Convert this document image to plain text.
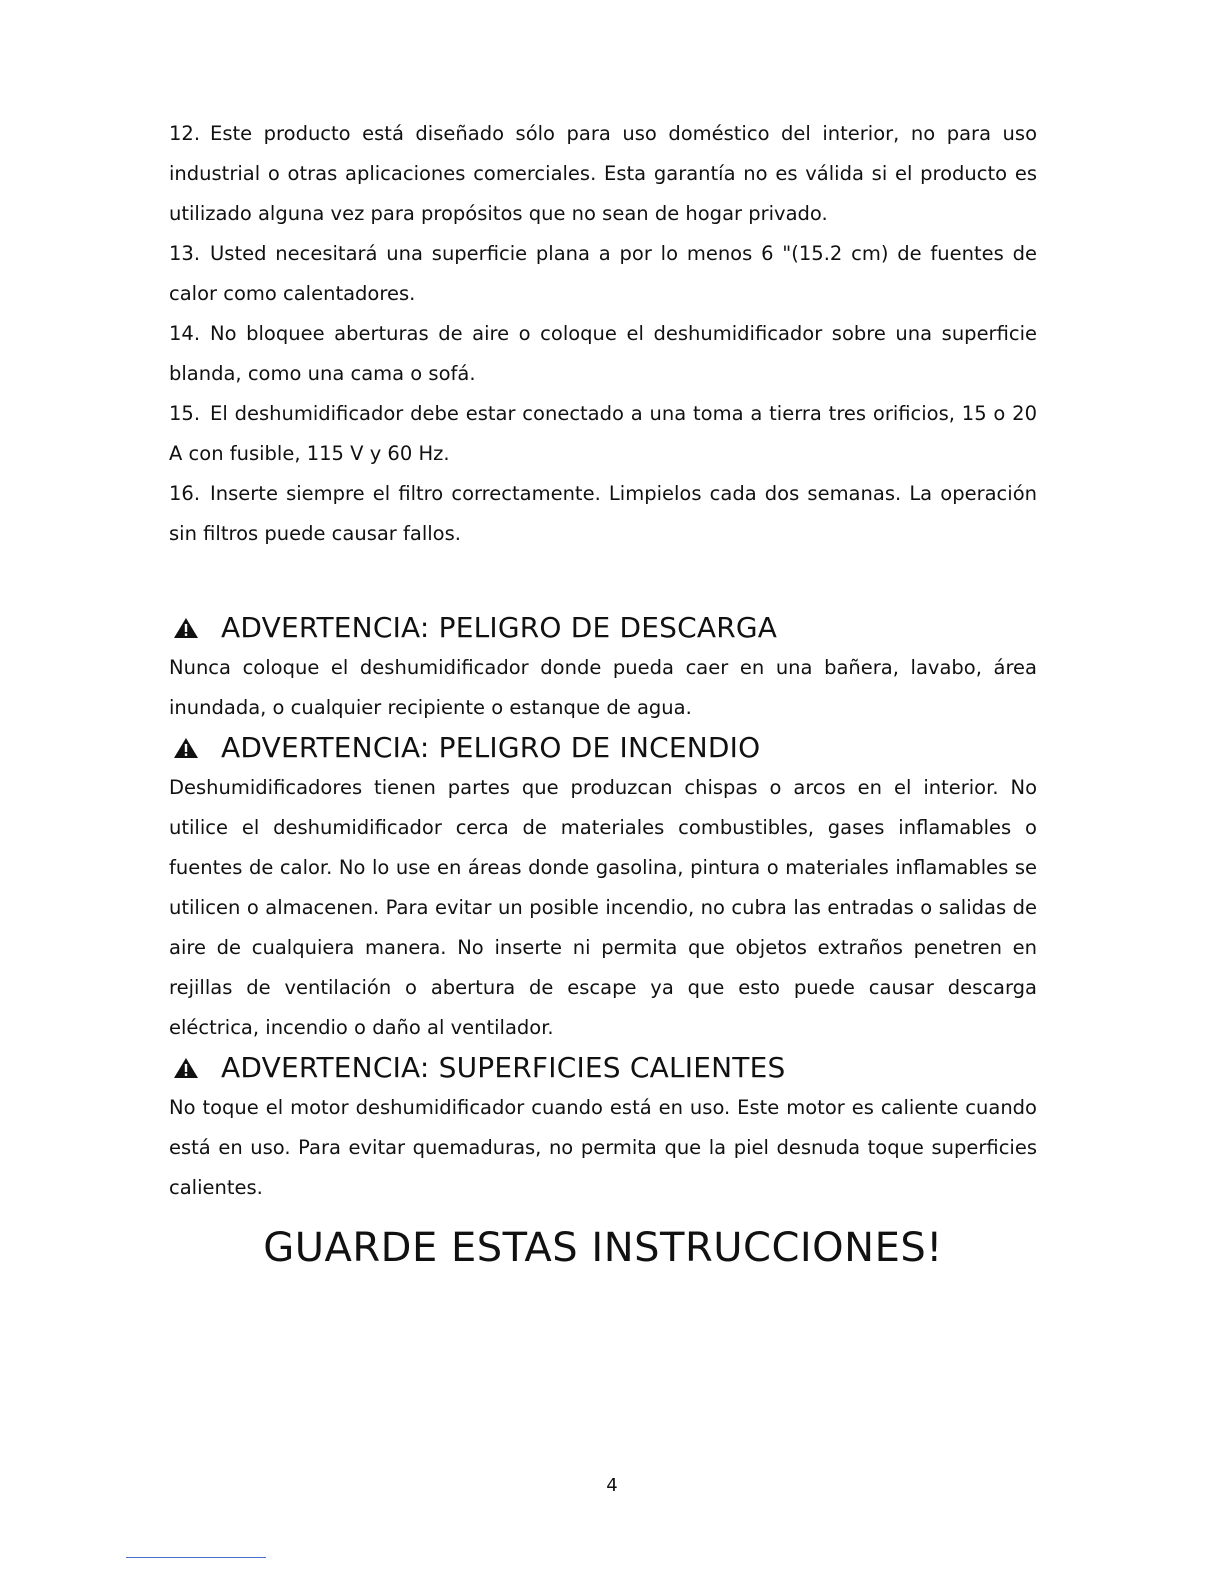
12. Este producto está diseñado sólo para uso doméstico del interior, no para uso industrial o otras aplicaciones comerciales. Esta garantía no es válida si el producto es utilizado alguna vez para propósitos que no sean de hogar privado.

13. Usted necesitará una superficie plana a por lo menos 6 "(15.2 cm) de fuentes de calor como calentadores.

14. No bloquee aberturas de aire o coloque el deshumidificador sobre una superficie blanda, como una cama o sofá.

15. El deshumidificador debe estar conectado a una toma a tierra tres orificios, 15 o 20 A con fusible, 115 V y 60 Hz.

16. Inserte siempre el filtro correctamente. Limpielos cada dos semanas. La operación sin filtros puede causar fallos.

ADVERTENCIA: PELIGRO DE DESCARGA

Nunca coloque el deshumidificador donde pueda caer en una bañera, lavabo, área inundada, o cualquier recipiente o estanque de agua.

ADVERTENCIA: PELIGRO DE INCENDIO

Deshumidificadores tienen partes que produzcan chispas o arcos en el interior. No utilice el deshumidificador cerca de materiales combustibles, gases inflamables o fuentes de calor. No lo use en áreas donde gasolina, pintura o materiales inflamables se utilicen o almacenen. Para evitar un posible incendio, no cubra las entradas o salidas de aire de cualquiera manera. No inserte ni permita que objetos extraños penetren en rejillas de ventilación o abertura de escape ya que esto puede causar descarga eléctrica, incendio o daño al ventilador.

ADVERTENCIA: SUPERFICIES CALIENTES

No toque el motor deshumidificador cuando está en uso. Este motor es caliente cuando está en uso. Para evitar quemaduras, no permita que la piel desnuda toque superficies calientes.

GUARDE ESTAS INSTRUCCIONES!
4
